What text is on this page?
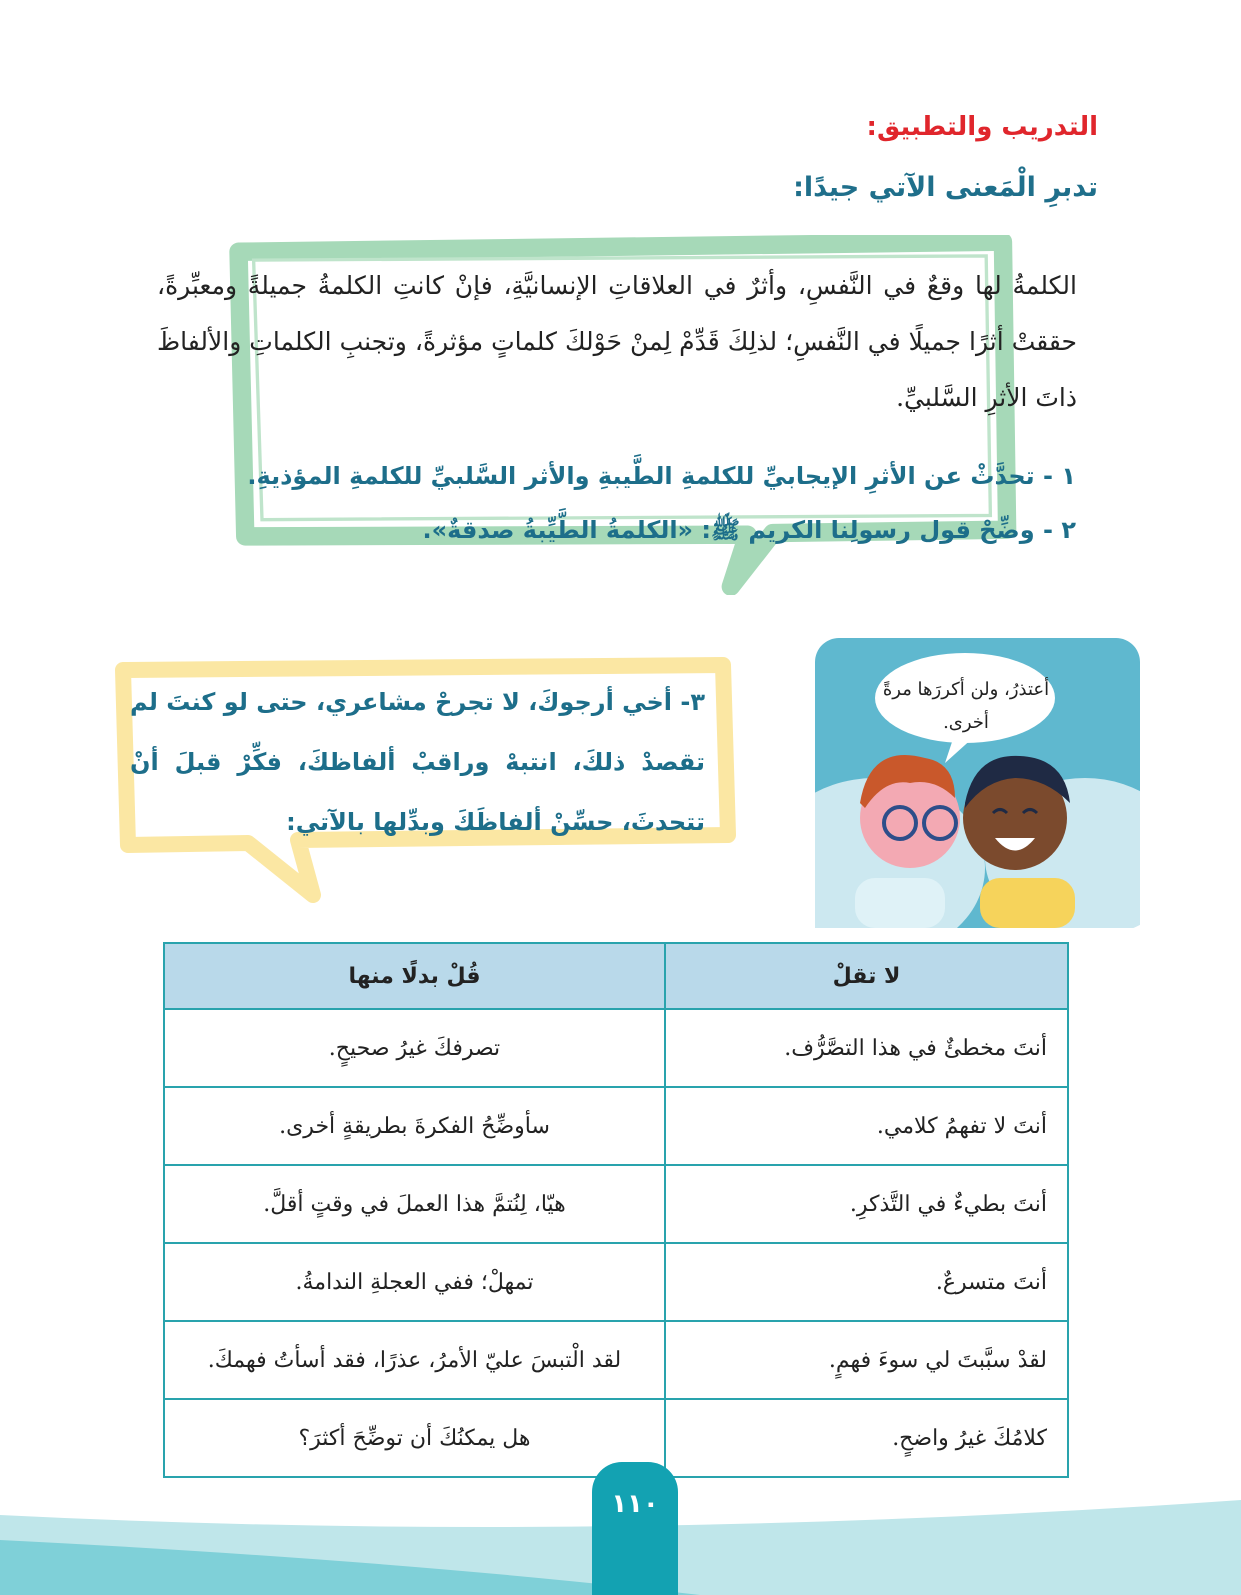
التدريب والتطبيق:
تدبرِ الْمَعنى الآتي جيدًا:
الكلمةُ لها وقعٌ في النَّفسِ، وأثرٌ في العلاقاتِ الإنسانيَّةِ، فإنْ كانتِ الكلمةُ جميلةً ومعبِّرةً، حققتْ أثرًا جميلًا في النَّفسِ؛ لذلِكَ قَدِّمْ لِمنْ حَوْلكَ كلماتٍ مؤثرةً، وتجنبِ الكلماتِ والألفاظَ ذاتَ الأثرِ السَّلبيِّ.
١ - تحدَّثْ عن الأثرِ الإيجابيِّ للكلمةِ الطَّيبةِ والأثر السَّلبيِّ للكلمةِ المؤذيةِ.
٢ - وضِّحْ قول رسولِنا الكريم ﷺ: «الكلمةُ الطَّيِّبةُ صدقةٌ».
٣- أخي أرجوكَ، لا تجرحْ مشاعري، حتى لو كنتَ لم تقصدْ ذلكَ، انتبهْ وراقبْ ألفاظكَ، فكِّرْ قبلَ أنْ تتحدثَ، حسِّنْ ألفاظَكَ وبدِّلها بالآتي:
أعتذرُ، ولن أكررَها مرةً أخرى.
لا تقلْ	قُلْ بدلًا منها
أنتَ مخطئٌ في هذا التصَّرُّف.	تصرفكَ غيرُ صحيحٍ.
أنتَ لا تفهمُ كلامي.	سأوضِّحُ الفكرةَ بطريقةٍ أخرى.
أنتَ بطيءٌ في التَّذكرِ.	هيّا، لِنُتمَّ هذا العملَ في وقتٍ أقلَّ.
أنتَ متسرعٌ.	تمهلْ؛ ففي العجلةِ الندامةُ.
لقدْ سبَّبتَ لي سوءَ فهمٍ.	لقد الْتبسَ عليّ الأمرُ، عذرًا، فقد أسأتُ فهمكَ.
كلامُكَ غيرُ واضحٍ.	هل يمكنُكَ أن توضِّحَ أكثرَ؟
١١٠
